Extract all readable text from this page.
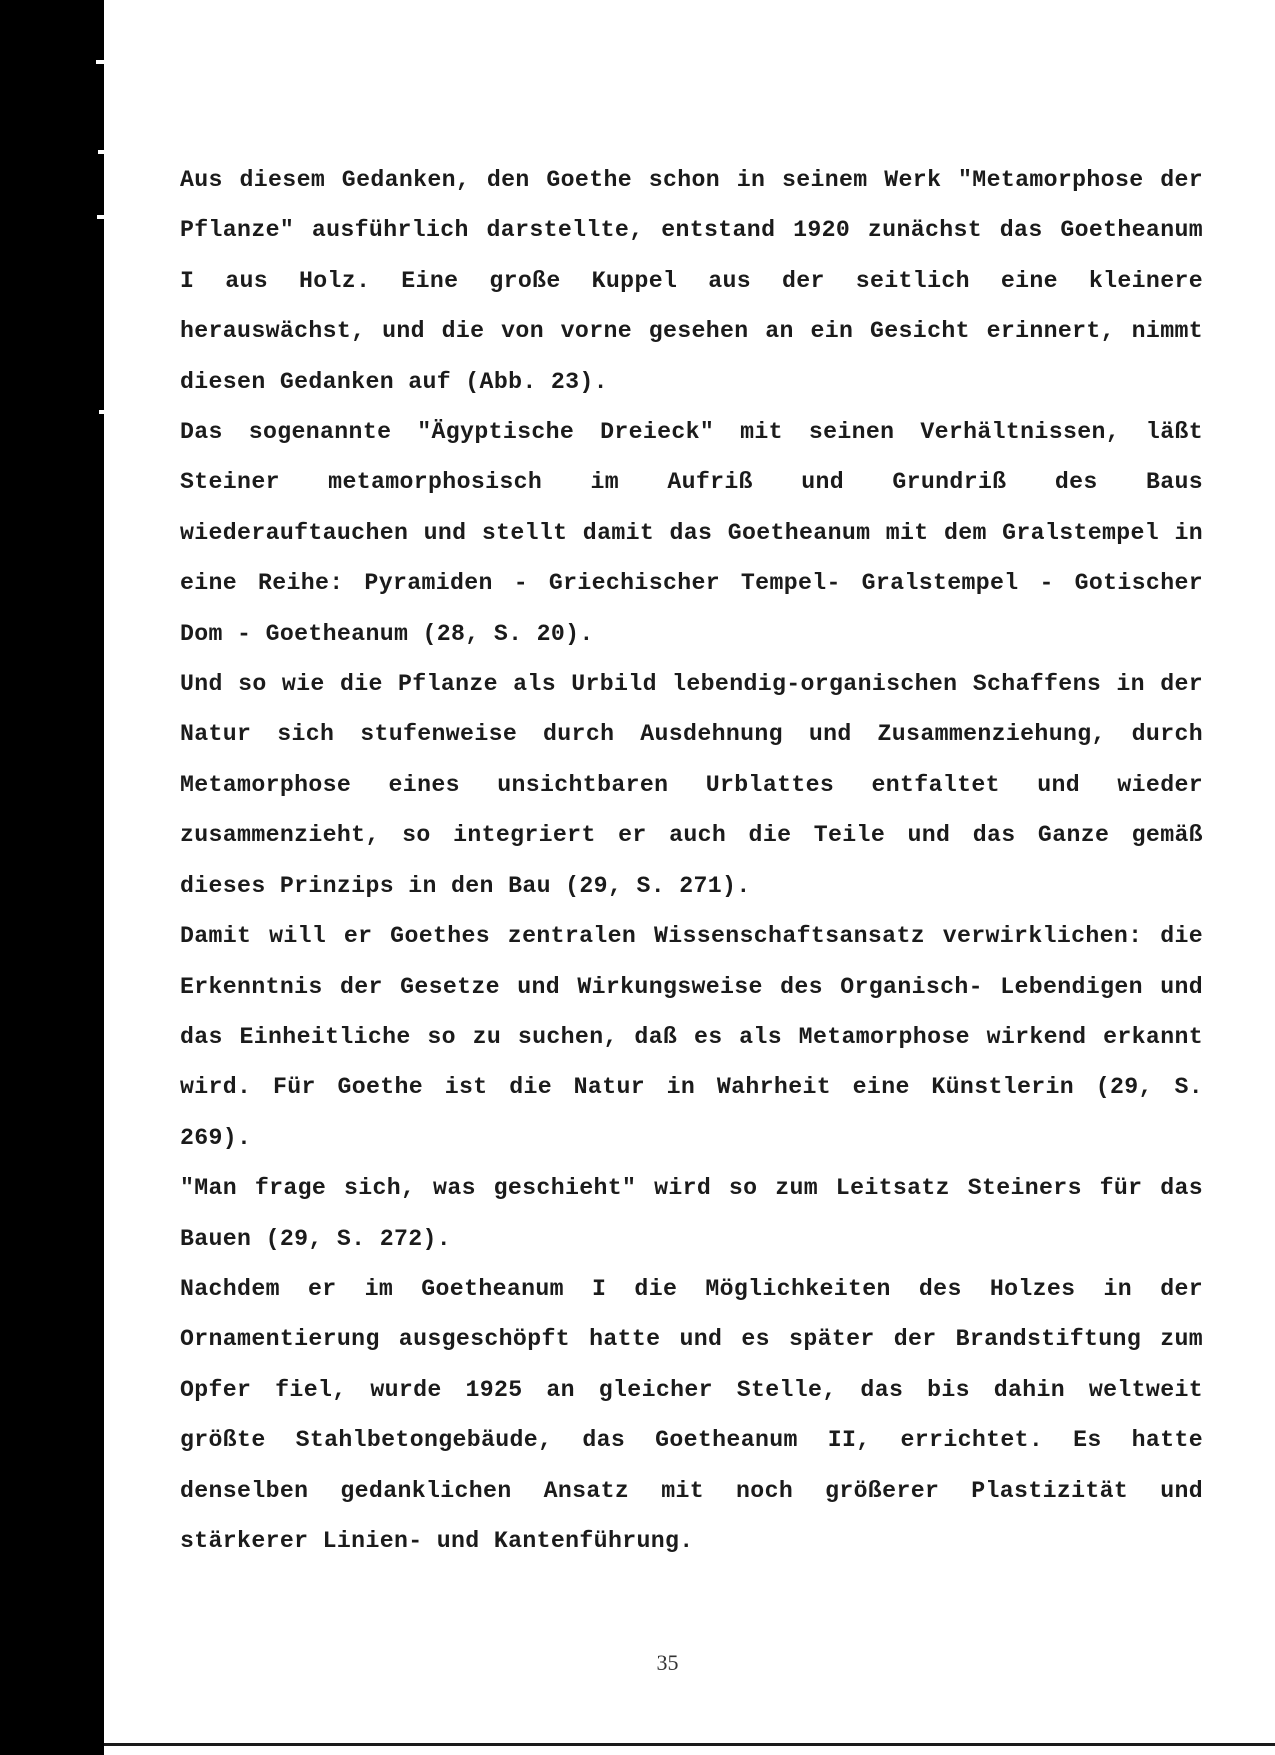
Aus diesem Gedanken, den Goethe schon in seinem Werk "Metamorphose der Pflanze" ausführlich darstellte, entstand 1920 zunächst das Goetheanum I aus Holz. Eine große Kuppel aus der seitlich eine kleinere herauswächst, und die von vorne gesehen an ein Gesicht erinnert, nimmt diesen Gedanken auf (Abb. 23).

Das sogenannte "Ägyptische Dreieck" mit seinen Verhältnissen, läßt Steiner metamorphosisch im Aufriß und Grundriß des Baus wiederauftauchen und stellt damit das Goetheanum mit dem Gralstempel in eine Reihe: Pyramiden - Griechischer Tempel- Gralstempel - Gotischer Dom - Goetheanum (28, S. 20).

Und so wie die Pflanze als Urbild lebendig-organischen Schaffens in der Natur sich stufenweise durch Ausdehnung und Zusammenziehung, durch Metamorphose eines unsichtbaren Urblattes entfaltet und wieder zusammenzieht, so integriert er auch die Teile und das Ganze gemäß dieses Prinzips in den Bau (29, S. 271).

Damit will er Goethes zentralen Wissenschaftsansatz verwirklichen: die Erkenntnis der Gesetze und Wirkungsweise des Organisch- Lebendigen und das Einheitliche so zu suchen, daß es als Metamorphose wirkend erkannt wird. Für Goethe ist die Natur in Wahrheit eine Künstlerin (29, S. 269).

"Man frage sich, was geschieht" wird so zum Leitsatz Steiners für das Bauen (29, S. 272).

Nachdem er im Goetheanum I die Möglichkeiten des Holzes in der Ornamentierung ausgeschöpft hatte und es später der Brandstiftung zum Opfer fiel, wurde 1925 an gleicher Stelle, das bis dahin weltweit größte Stahlbetongebäude, das Goetheanum II, errichtet. Es hatte denselben gedanklichen Ansatz mit noch größerer Plastizität und stärkerer Linien- und Kantenführung.

35
